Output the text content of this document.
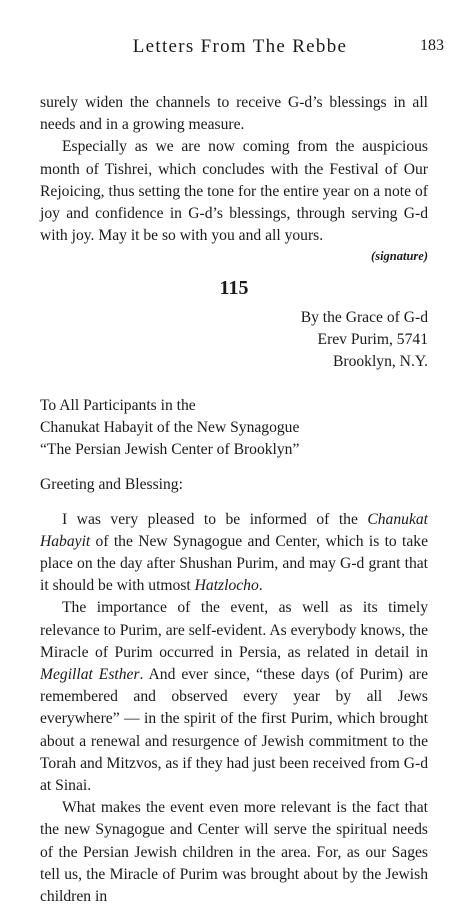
Letters From The Rebbe	183

surely widen the channels to receive G-d’s blessings in all needs and in a growing measure.

Especially as we are now coming from the auspicious month of Tishrei, which concludes with the Festival of Our Rejoicing, thus setting the tone for the entire year on a note of joy and confidence in G-d’s blessings, through serving G-d with joy. May it be so with you and all yours.

(signature)
115
By the Grace of G-d
Erev Purim, 5741
Brooklyn, N.Y.
To All Participants in the
Chanukat Habayit of the New Synagogue
“The Persian Jewish Center of Brooklyn”
Greeting and Blessing:

I was very pleased to be informed of the Chanukat Habayit of the New Synagogue and Center, which is to take place on the day after Shushan Purim, and may G-d grant that it should be with utmost Hatzlocho.

The importance of the event, as well as its timely relevance to Purim, are self-evident. As everybody knows, the Miracle of Purim occurred in Persia, as related in detail in Megillat Esther. And ever since, “these days (of Purim) are remembered and observed every year by all Jews everywhere” — in the spirit of the first Purim, which brought about a renewal and resurgence of Jewish commitment to the Torah and Mitzvos, as if they had just been received from G-d at Sinai.

What makes the event even more relevant is the fact that the new Synagogue and Center will serve the spiritual needs of the Persian Jewish children in the area. For, as our Sages tell us, the Miracle of Purim was brought about by the Jewish children in
